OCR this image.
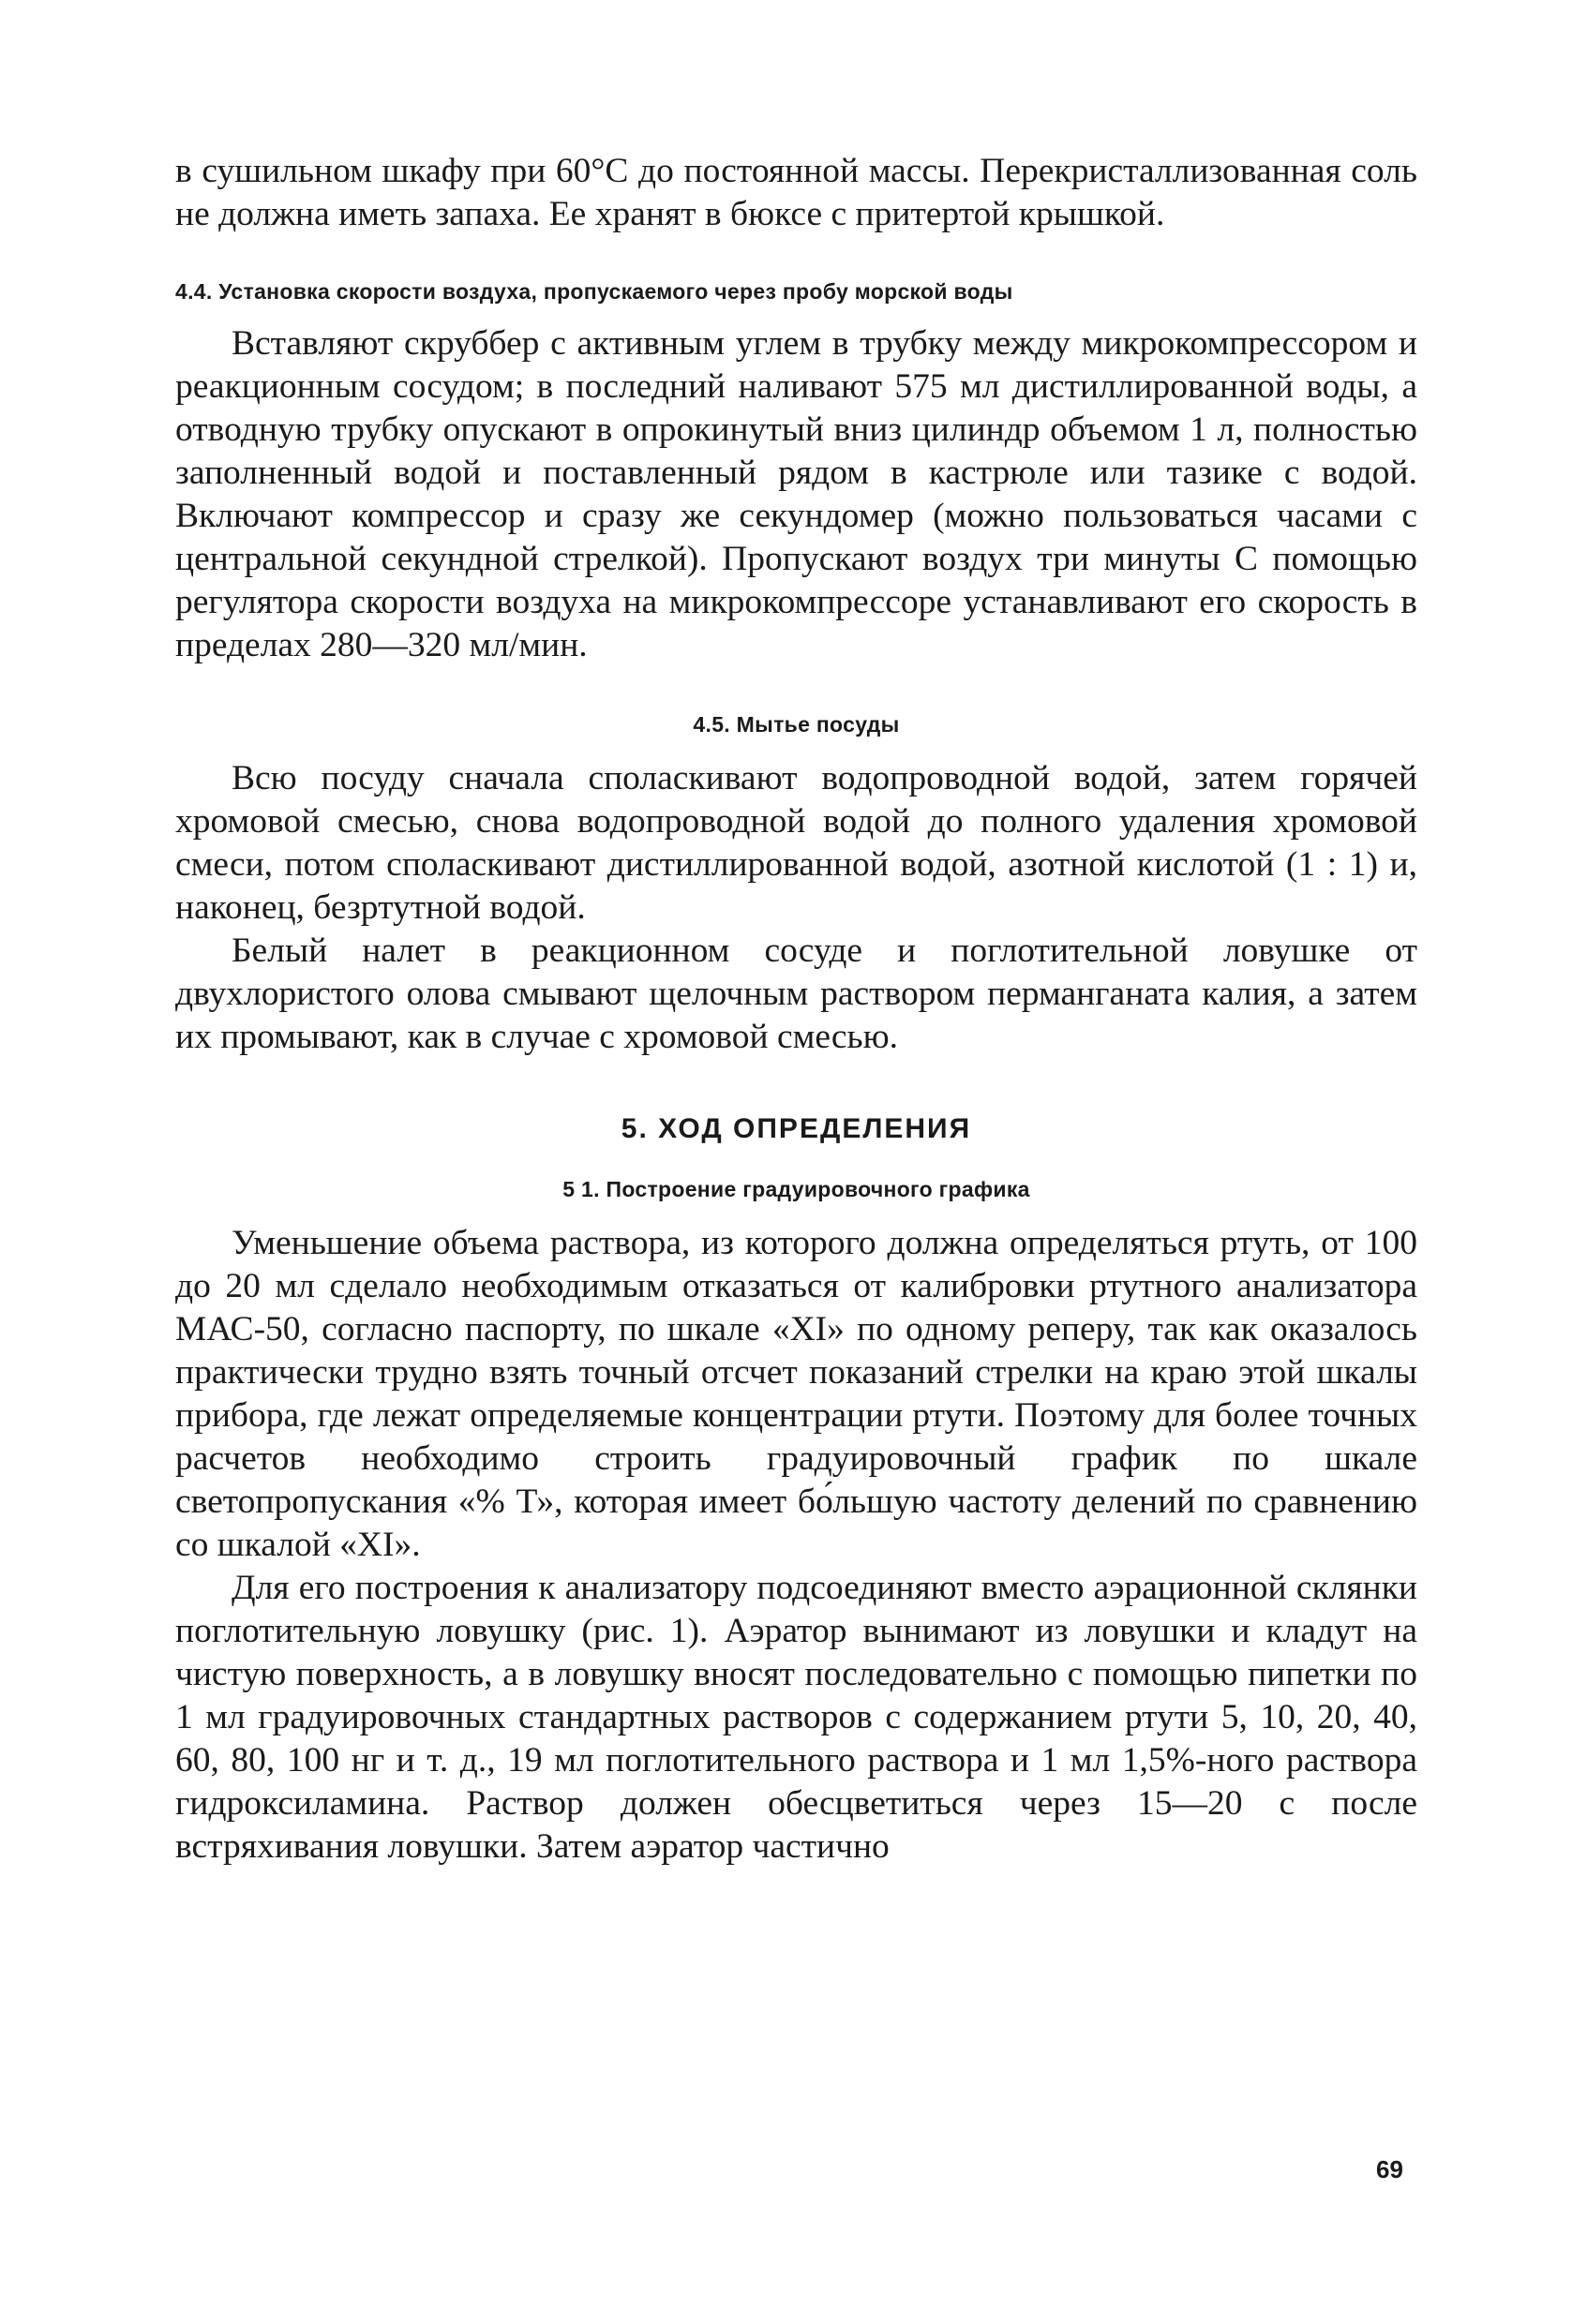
в сушильном шкафу при 60°С до постоянной массы. Перекристаллизованная соль не должна иметь запаха. Ее хранят в бюксе с притертой крышкой.

4.4. Установка скорости воздуха, пропускаемого через пробу морской воды

Вставляют скруббер с активным углем в трубку между микрокомпрессором и реакционным сосудом; в последний наливают 575 мл дистиллированной воды, а отводную трубку опускают в опрокинутый вниз цилиндр объемом 1 л, полностью заполненный водой и поставленный рядом в кастрюле или тазике с водой. Включают компрессор и сразу же секундомер (можно пользоваться часами с центральной секундной стрелкой). Пропускают воздух три минуты С помощью регулятора скорости воздуха на микрокомпрессоре устанавливают его скорость в пределах 280—320 мл/мин.

4.5. Мытье посуды

Всю посуду сначала споласкивают водопроводной водой, затем горячей хромовой смесью, снова водопроводной водой до полного удаления хромовой смеси, потом споласкивают дистиллированной водой, азотной кислотой (1 : 1) и, наконец, безртутной водой.

Белый налет в реакционном сосуде и поглотительной ловушке от двухлористого олова смывают щелочным раствором перманганата калия, а затем их промывают, как в случае с хромовой смесью.

5. ХОД ОПРЕДЕЛЕНИЯ
5 1. Построение градуировочного графика

Уменьшение объема раствора, из которого должна определяться ртуть, от 100 до 20 мл сделало необходимым отказаться от калибровки ртутного анализатора МАС-50, согласно паспорту, по шкале «XI» по одному реперу, так как оказалось практически трудно взять точный отсчет показаний стрелки на краю этой шкалы прибора, где лежат определяемые концентрации ртути. Поэтому для более точных расчетов необходимо строить градуировочный график по шкале светопропускания «% Т», которая имеет бо́льшую частоту делений по сравнению со шкалой «XI».

Для его построения к анализатору подсоединяют вместо аэрационной склянки поглотительную ловушку (рис. 1). Аэратор вынимают из ловушки и кладут на чистую поверхность, а в ловушку вносят последовательно с помощью пипетки по 1 мл градуировочных стандартных растворов с содержанием ртути 5, 10, 20, 40, 60, 80, 100 нг и т. д., 19 мл поглотительного раствора и 1 мл 1,5%-ного раствора гидроксиламина. Раствор должен обесцветиться через 15—20 с после встряхивания ловушки. Затем аэратор частично

69
